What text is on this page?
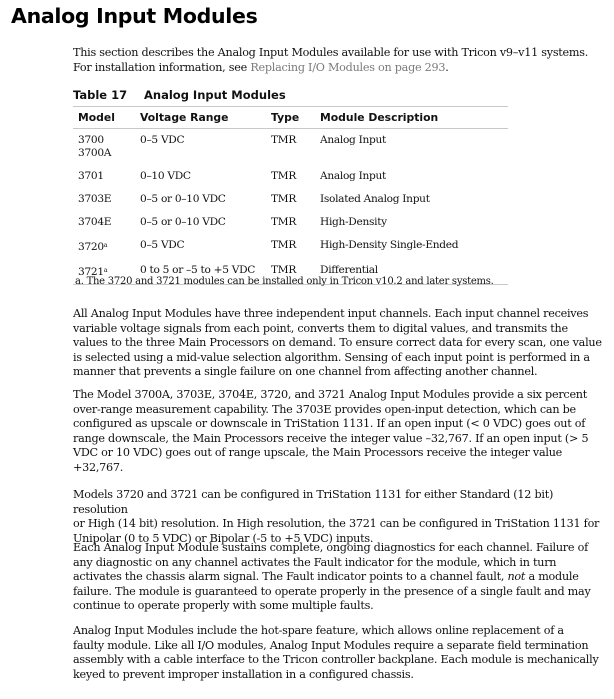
Analog Input Modules
This section describes the Analog Input Modules available for use with Tricon v9–v11 systems.
For installation information, see Replacing I/O Modules on page 293.
Table 17 Analog Input Modules
Model	Voltage Range	Type	Module Description

3700
3700A	0–5 VDC	TMR	Analog Input
3701	0–10 VDC	TMR	Analog Input
3703E	0–5 or 0–10 VDC	TMR	Isolated Analog Input
3704E	0–5 or 0–10 VDC	TMR	High-Density
3720$^a$	0–5 VDC	TMR	High-Density Single-Ended
3721$^a$	0 to 5 or –5 to +5 VDC	TMR	Differential
a. The 3720 and 3721 modules can be installed only in Tricon v10.2 and later systems.
All Analog Input Modules have three independent input channels. Each input channel receives
variable voltage signals from each point, converts them to digital values, and transmits the
values to the three Main Processors on demand. To ensure correct data for every scan, one value
is selected using a mid-value selection algorithm. Sensing of each input point is performed in a
manner that prevents a single failure on one channel from affecting another channel.
The Model 3700A, 3703E, 3704E, 3720, and 3721 Analog Input Modules provide a six percent
over-range measurement capability. The 3703E provides open-input detection, which can be
configured as upscale or downscale in TriStation 1131. If an open input (< 0 VDC) goes out of
range downscale, the Main Processors receive the integer value –32,767. If an open input (> 5
VDC or 10 VDC) goes out of range upscale, the Main Processors receive the integer value
+32,767.
Models 3720 and 3721 can be configured in TriStation 1131 for either Standard (12 bit) resolution
or High (14 bit) resolution. In High resolution, the 3721 can be configured in TriStation 1131 for
Unipolar (0 to 5 VDC) or Bipolar (-5 to +5 VDC) inputs.
Each Analog Input Module sustains complete, ongoing diagnostics for each channel. Failure of
any diagnostic on any channel activates the Fault indicator for the module, which in turn
activates the chassis alarm signal. The Fault indicator points to a channel fault, not a module
failure. The module is guaranteed to operate properly in the presence of a single fault and may
continue to operate properly with some multiple faults.
Analog Input Modules include the hot-spare feature, which allows online replacement of a
faulty module. Like all I/O modules, Analog Input Modules require a separate field termination
assembly with a cable interface to the Tricon controller backplane. Each module is mechanically
keyed to prevent improper installation in a configured chassis.
